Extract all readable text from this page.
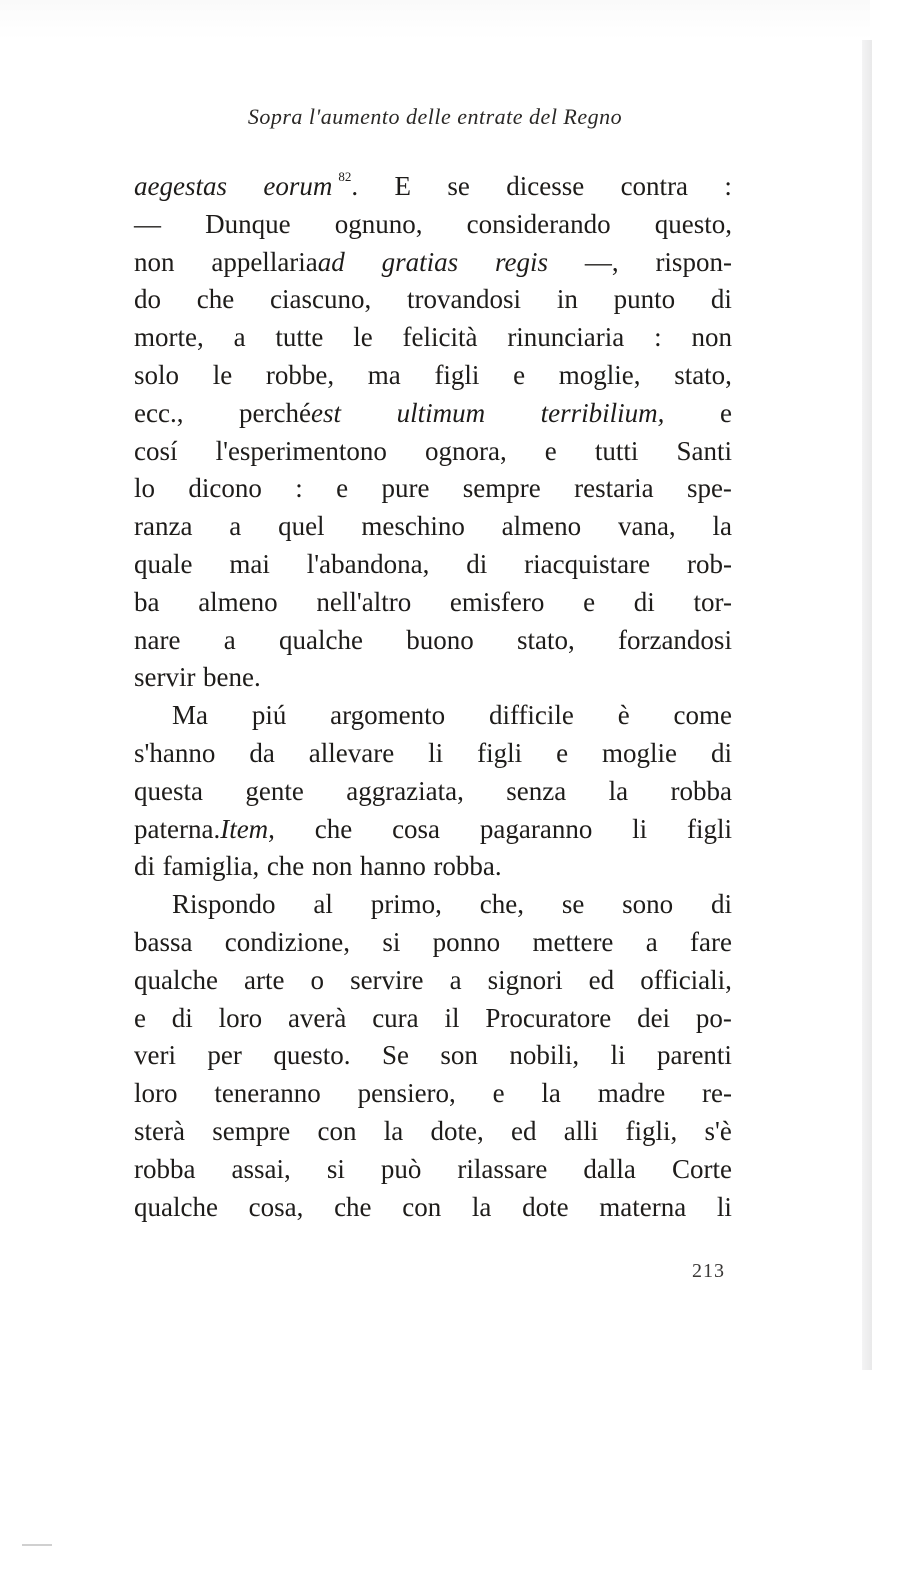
Sopra l'aumento delle entrate del Regno
aegestas eorum $^{82}$. E se dicesse contra :
— Dunque ognuno, considerando questo,
non appellariaad gratias regis —, rispon-
do che ciascuno, trovandosi in punto di
morte, a tutte le felicità rinunciaria : non
solo le robbe, ma figli e moglie, stato,
ecc., perchéest ultimum terribilium, e
cosí l'esperimentono ognora, e tutti Santi
lo dicono : e pure sempre restaria spe-
ranza a quel meschino almeno vana, la
quale mai l'abandona, di riacquistare rob-
ba almeno nell'altro emisfero e di tor-
nare a qualche buono stato, forzandosi
servir bene.
Ma piú argomento difficile è come
s'hanno da allevare li figli e moglie di
questa gente aggraziata, senza la robba
paterna.Item, che cosa pagaranno li figli
di famiglia, che non hanno robba.
Rispondo al primo, che, se sono di
bassa condizione, si ponno mettere a fare
qualche arte o servire a signori ed officiali,
e di loro averà cura il Procuratore dei po-
veri per questo. Se son nobili, li parenti
loro teneranno pensiero, e la madre re-
sterà sempre con la dote, ed alli figli, s'è
robba assai, si può rilassare dalla Corte
qualche cosa, che con la dote materna li
213
